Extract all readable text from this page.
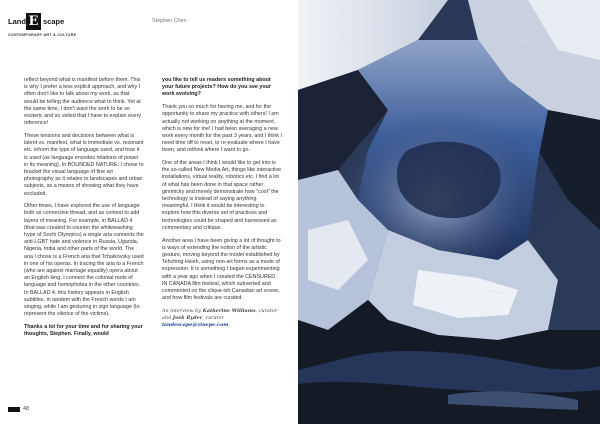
Land E scape
CONTEMPORARY ART & CULTURE
Stephen Chen

reflect beyond what is manifest before them. This is why I prefer a less explicit approach, and why I often don't like to talk about my work, as that would be telling the audience what to think. Yet at the same time, I don't want the work to be so esoteric and so veiled that I have to explain every reference!

These tensions and decisions between what is latent vs. manifest, what is immediate vs. resonant etc. inform the type of language used, and how it is used (as language encodes relations of power in its meaning). In BOUNDED NATURE, I chose to bracket the visual language of fine art photography as it relates to landscapes and urban subjects, as a means of showing what they have excluded.

Other times, I have explored the use of language both as connective thread, and as context to add layers of meaning. For example, in BALLAD 4 (that was created to counter the whitewashing hype of Sochi Olympics) a single aria connects the anti-LGBT hate and violence in Russia, Uganda, Nigeria, India and other parts of the world. The aria I chose is a French aria that Tchaikovsky used in one of his operas. In tracing the aria to a French (who are against marriage equality) opera about an English king, I connect the colonial roots of language and homophobia in the other countries. In BALLAD 4, this history appears in English subtitles, in tandem with the French words I am singing, while I am gesturing in sign language (to represent the silence of the victims).

Thanks a lot for your time and for sharing your thoughts, Stephen. Finally, would

you like to tell us readers something about your future projects? How do you see your work evolving?

Thank you so much for having me, and for the opportunity to share my practice with others! I am actually not working on anything at the moment, which is new for me! I had been averaging a new work every month for the past 3 years, and I think I need time off to reset, to re-evaluate where I have been, and rethink where I want to go.

One of the areas I think I would like to get into is the so-called New Media Art, things like interactive installations, virtual reality, robotics etc. I find a lot of what has been done in that space rather gimmicky and merely demonstrate how "cool" the technology is instead of saying anything meaningful. I think it would be interesting to explore how this diverse set of practices and technologies could be shaped and harnessed as commentary and critique.

Another area I have been giving a lot of thought to is ways of extending the notion of the artistic gesture, moving beyond the model established by Tehching Hsieh, using non-art forms as a mode of expression. It is something I began experimenting with a year ago when I created the CENSURED. IN CANADA film festival, which subverted and commented on the clique-ish Canadian art scene, and how film festivals are curated.

An interview by Katherine Williams, curator
and Josh Ryder, curator
landescape@zinepe.com
48
